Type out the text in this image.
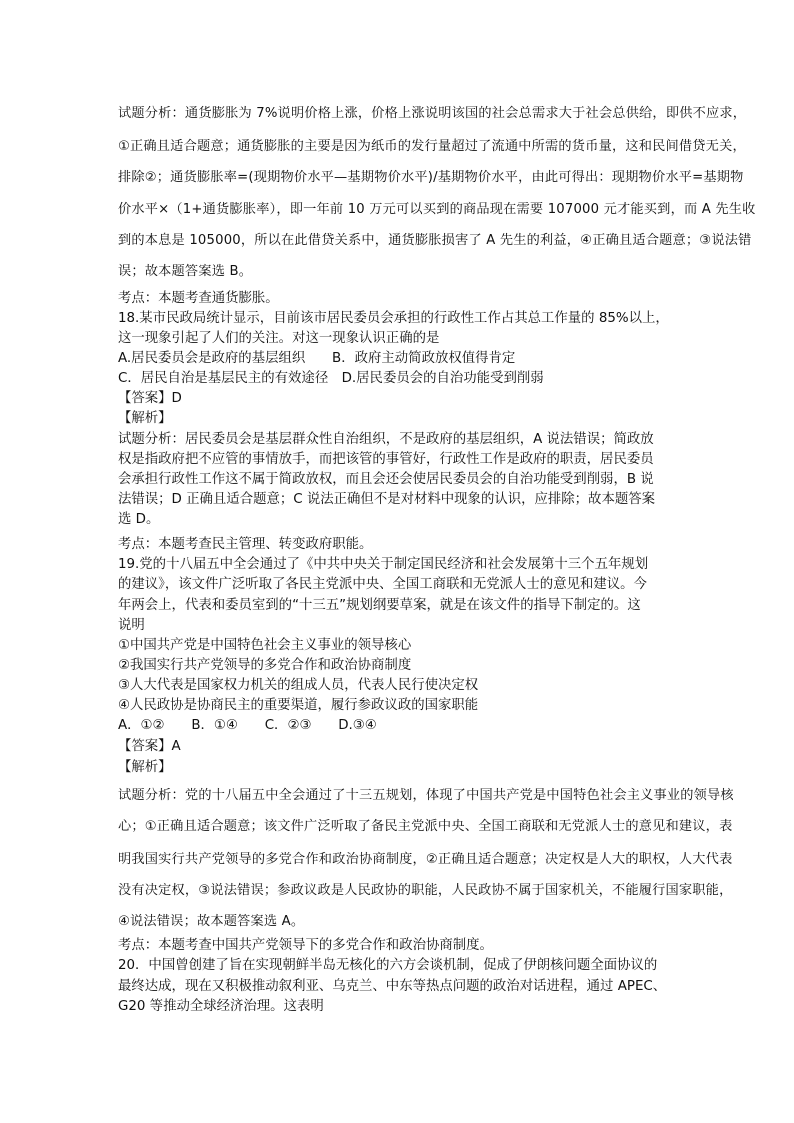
试题分析：通货膨胀为 7%说明价格上涨，价格上涨说明该国的社会总需求大于社会总供给，即供不应求，
①正确且适合题意；通货膨胀的主要是因为纸币的发行量超过了流通中所需的货币量，这和民间借贷无关，
排除②；通货膨胀率=(现期物价水平—基期物价水平)/基期物价水平，由此可得出：现期物价水平=基期物
价水平×（1+通货膨胀率），即一年前 10 万元可以买到的商品现在需要 107000 元才能买到，而 A 先生收
到的本息是 105000，所以在此借贷关系中，通货膨胀损害了 A 先生的利益，④正确且适合题意；③说法错
误；故本题答案选 B。
考点：本题考查通货膨胀。
18.某市民政局统计显示，目前该市居民委员会承担的行政性工作占其总工作量的 85%以上，
这一现象引起了人们的关注。对这一现象认识正确的是
A.居民委员会是政府的基层组织　　B．政府主动简政放权值得肯定
C．居民自治是基层民主的有效途径　D.居民委员会的自治功能受到削弱
【答案】D
【解析】
试题分析：居民委员会是基层群众性自治组织，不是政府的基层组织，A 说法错误；简政放
权是指政府把不应管的事情放手，而把该管的事管好，行政性工作是政府的职责，居民委员
会承担行政性工作这不属于简政放权，而且会还会使居民委员会的自治功能受到削弱，B 说
法错误；D 正确且适合题意；C 说法正确但不是对材料中现象的认识，应排除；故本题答案
选 D。
考点：本题考查民主管理、转变政府职能。
19.党的十八届五中全会通过了《中共中央关于制定国民经济和社会发展第十三个五年规划
的建议》，该文件广泛听取了各民主党派中央、全国工商联和无党派人士的意见和建议。今
年两会上，代表和委员室到的“十三五”规划纲要草案，就是在该文件的指导下制定的。这
说明
①中国共产党是中国特色社会主义事业的领导核心
②我国实行共产党领导的多党合作和政治协商制度
③人大代表是国家权力机关的组成人员，代表人民行使决定权
④人民政协是协商民主的重要渠道，履行参政议政的国家职能
A．①②　　B．①④　　C．②③　　D.③④
【答案】A
【解析】
试题分析：党的十八届五中全会通过了十三五规划，体现了中国共产党是中国特色社会主义事业的领导核
心；①正确且适合题意；该文件广泛听取了备民主党派中央、全国工商联和无党派人士的意见和建议，表
明我国实行共产党领导的多党合作和政治协商制度，②正确且适合题意；决定权是人大的职权，人大代表
没有决定权，③说法错误；参政议政是人民政协的职能，人民政协不属于国家机关，不能履行国家职能，
④说法错误；故本题答案选 A。
考点：本题考查中国共产党领导下的多党合作和政治协商制度。
20．中国曾创建了旨在实现朝鲜半岛无核化的六方会谈机制，促成了伊朗核问题全面协议的
最终达成，现在又积极推动叙利亚、乌克兰、中东等热点问题的政治对话进程，通过 APEC、
G20 等推动全球经济治理。这表明
